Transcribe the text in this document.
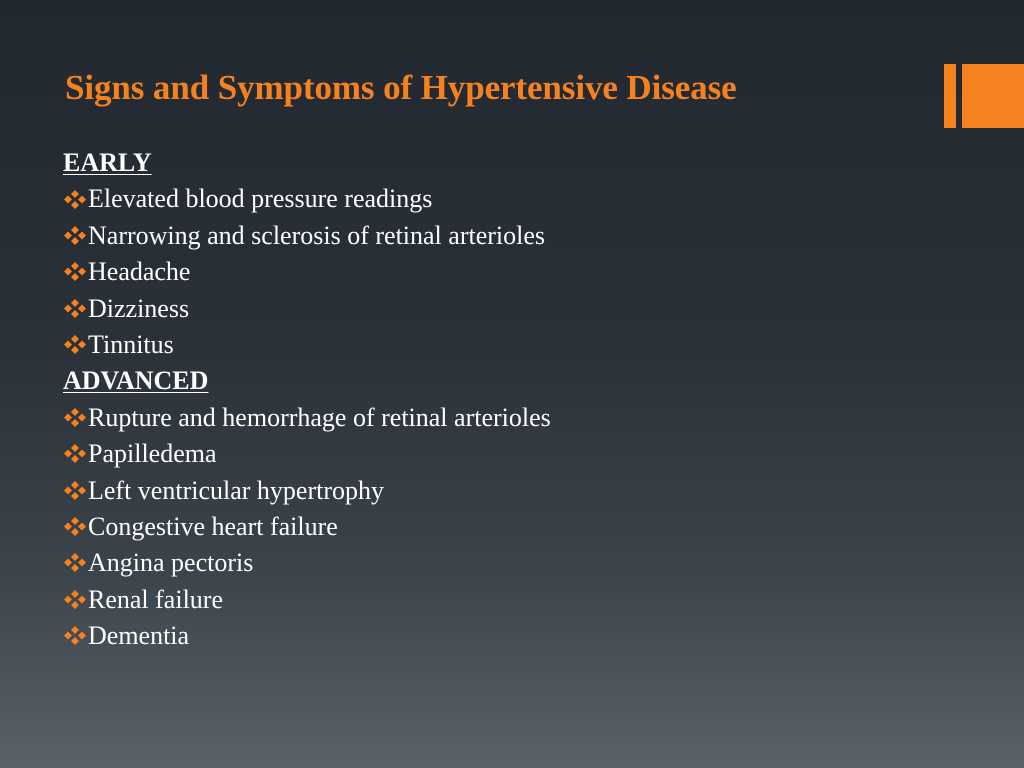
Signs and Symptoms of Hypertensive Disease
EARLY
Elevated blood pressure readings
Narrowing and sclerosis of retinal arterioles
Headache
Dizziness
Tinnitus
ADVANCED
Rupture and hemorrhage of retinal arterioles
Papilledema
Left ventricular hypertrophy
Congestive heart failure
Angina pectoris
Renal failure
Dementia
